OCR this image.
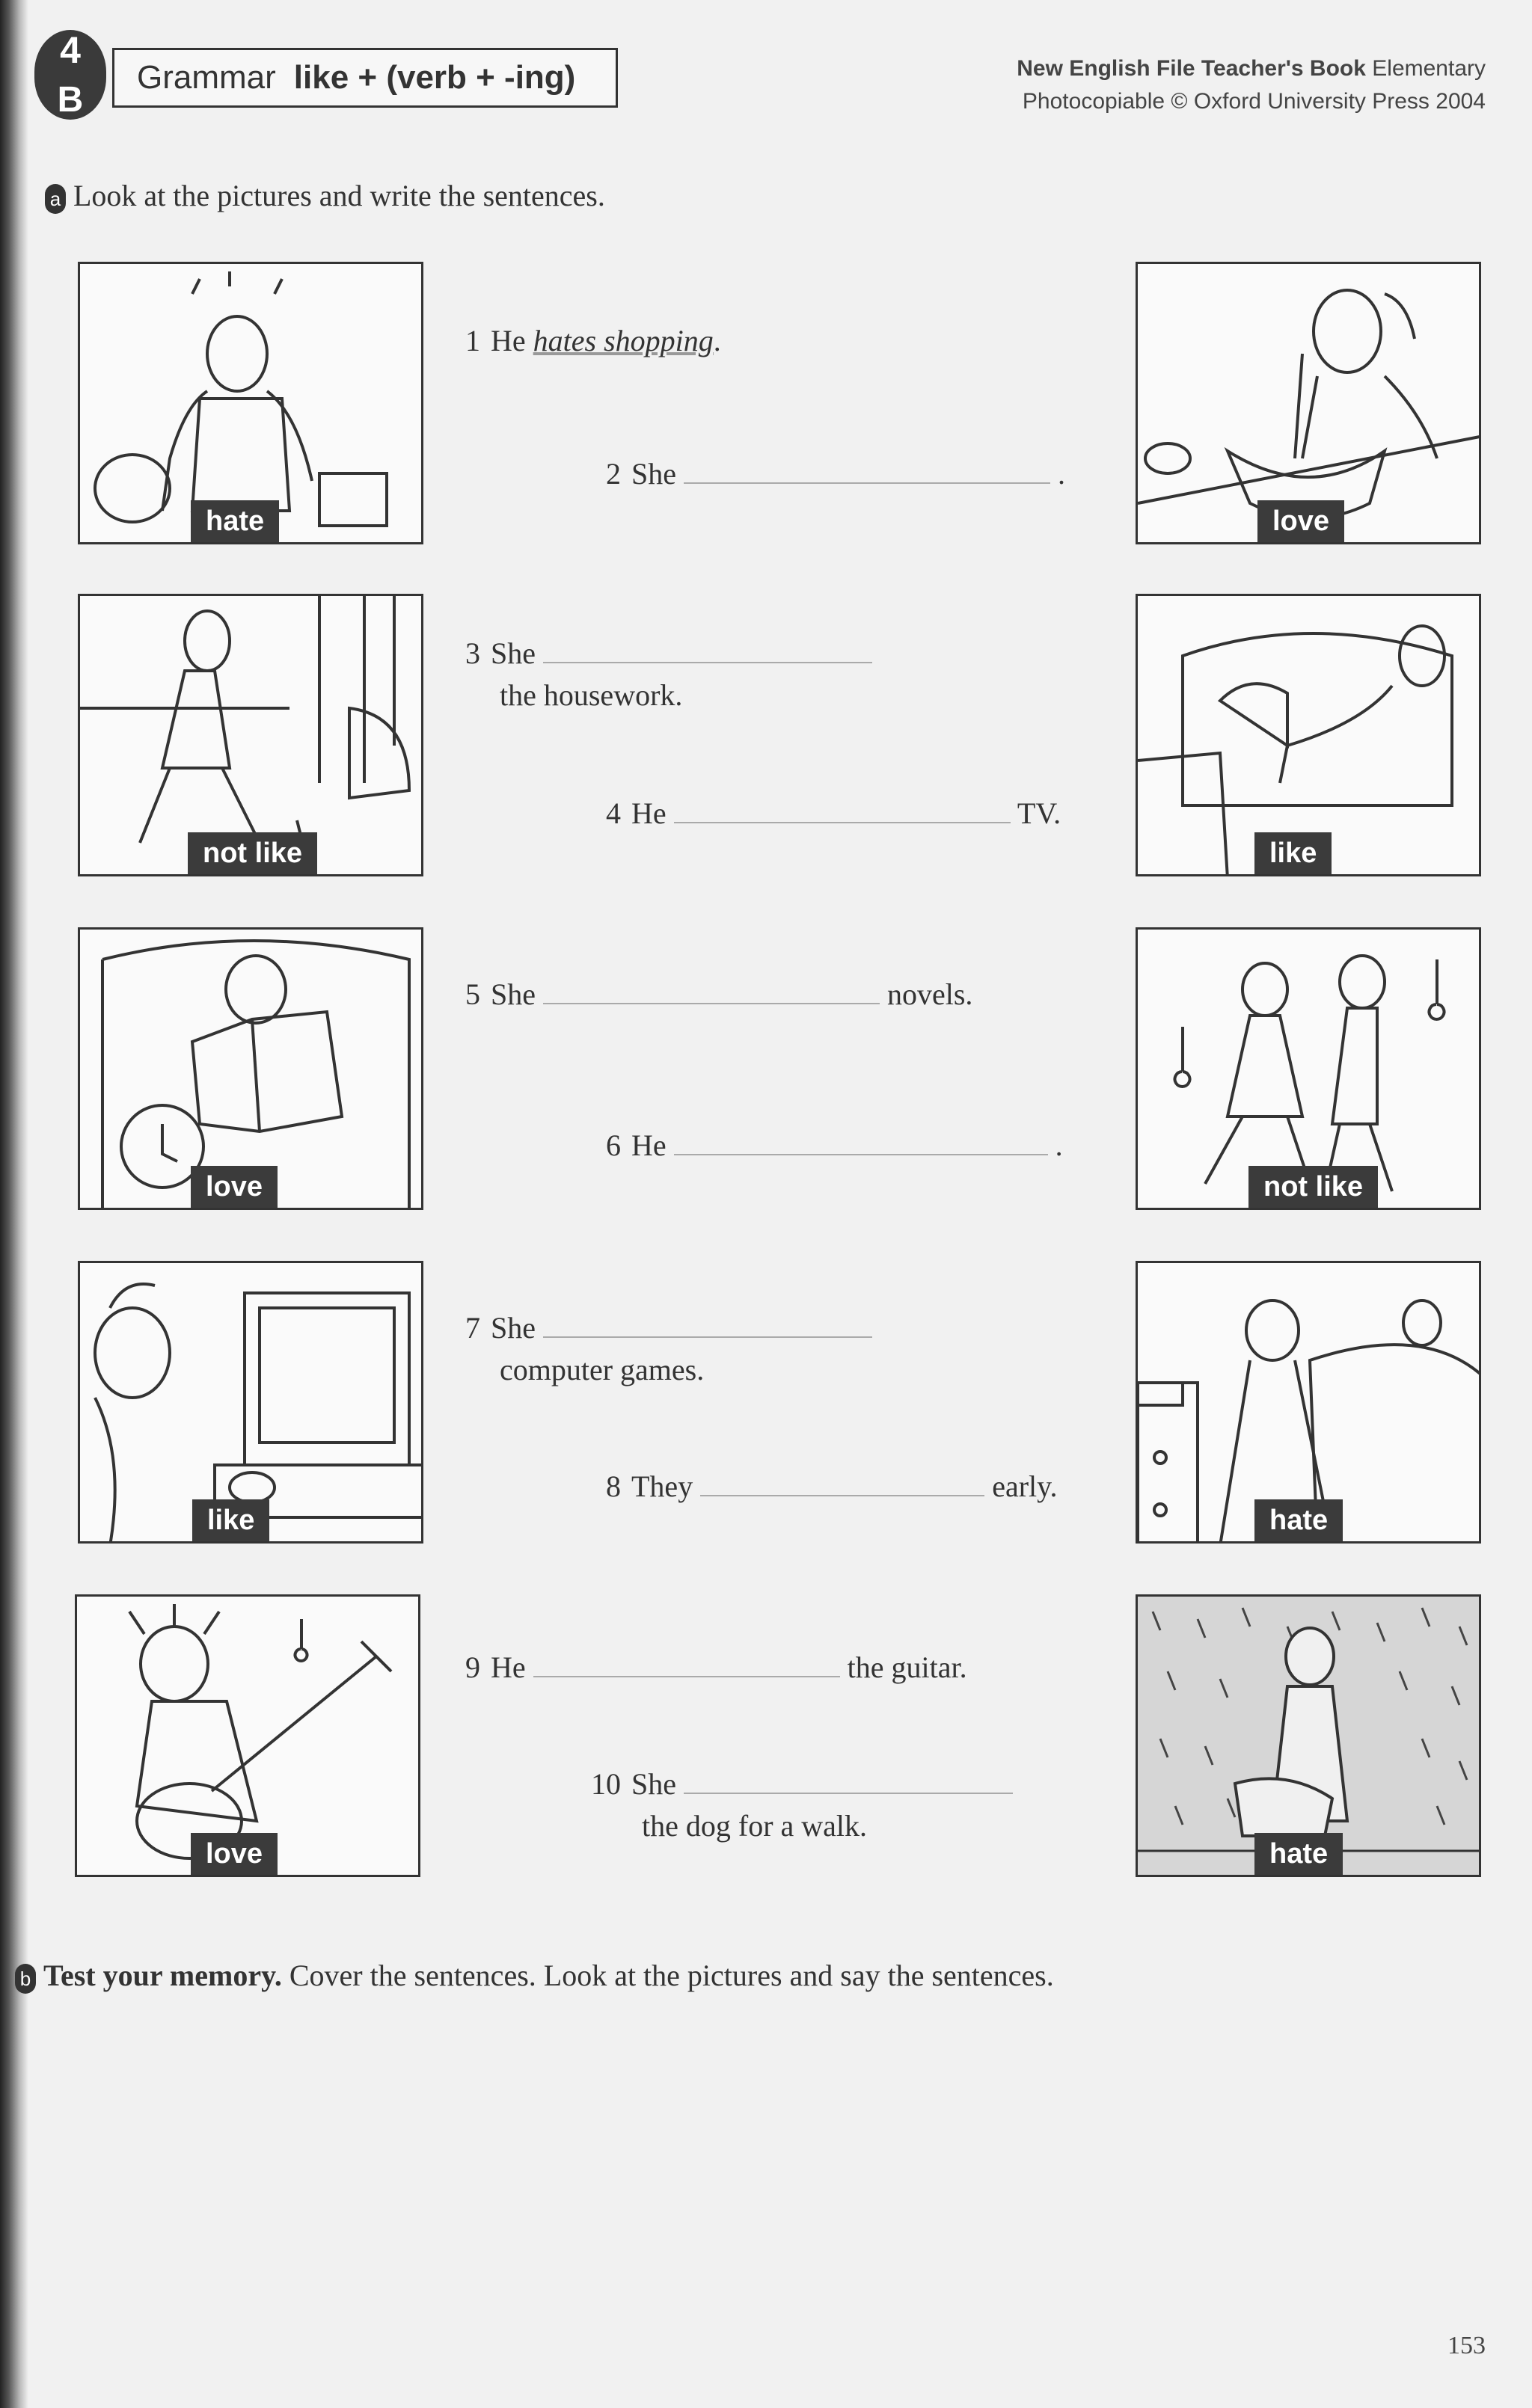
4
B
Grammar like + (verb + -ing)	New English File Teacher's Book Elementary
Photocopiable © Oxford University Press 2004
a Look at the pictures and write the sentences.
hate
1 He hates shopping.
2 She	.
love
not like
3 She
the housework.
4 He	TV.
like
love
5 She	novels.
6 He	.
not like
like
7 She
computer games.
8 They	early.
hate
love
9 He	the guitar.
10 She
the dog for a walk.
hate
b Test your memory. Cover the sentences. Look at the pictures and say the sentences.
153
